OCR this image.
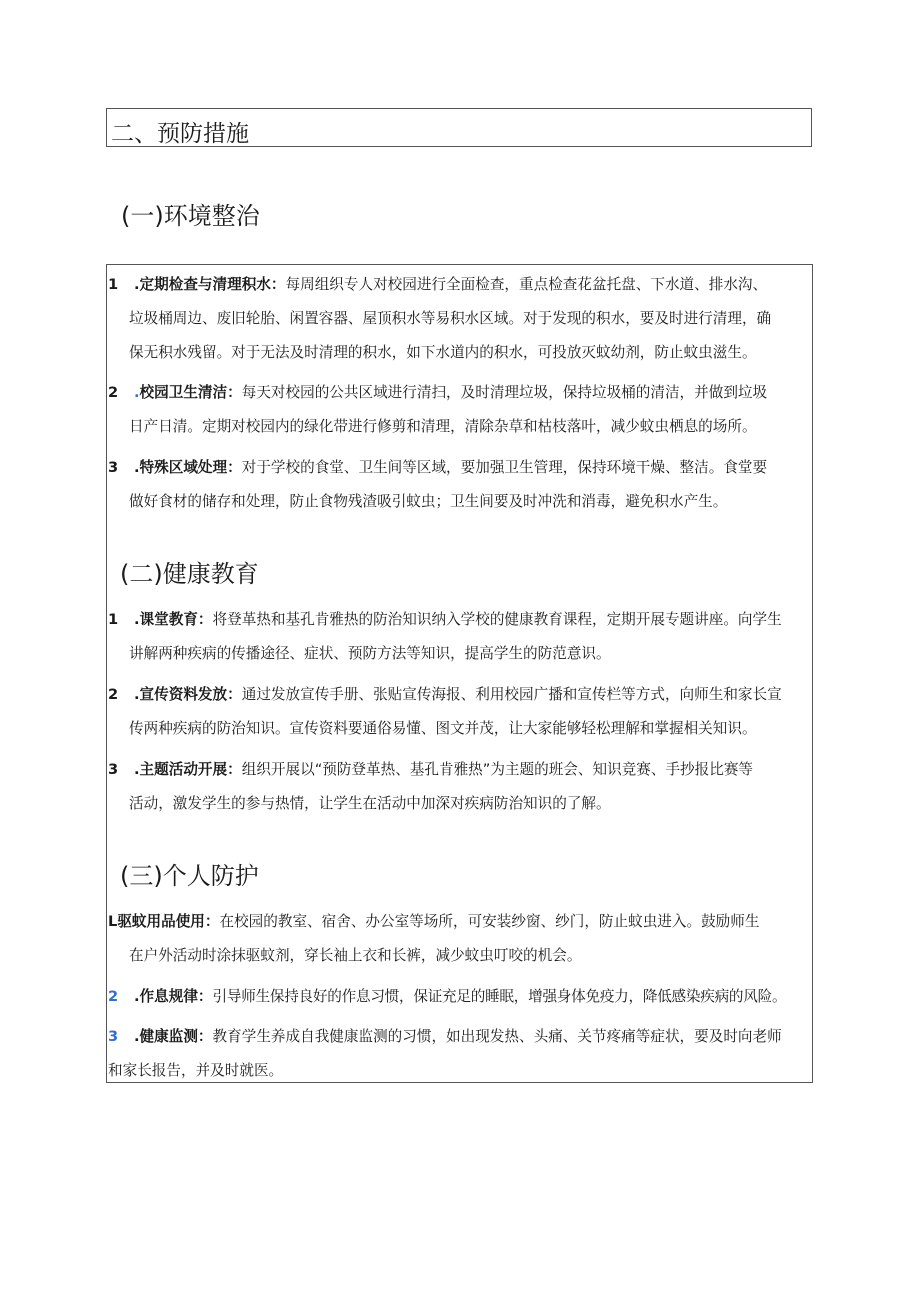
二、预防措施
(一)环境整治
1 .定期检查与清理积水：每周组织专人对校园进行全面检查，重点检查花盆托盘、下水道、排水沟、
垃圾桶周边、废旧轮胎、闲置容器、屋顶积水等易积水区域。对于发现的积水，要及时进行清理，确
保无积水残留。对于无法及时清理的积水，如下水道内的积水，可投放灭蚊幼剂，防止蚊虫滋生。
2 .校园卫生清洁：每天对校园的公共区域进行清扫，及时清理垃圾，保持垃圾桶的清洁，并做到垃圾
日产日清。定期对校园内的绿化带进行修剪和清理，清除杂草和枯枝落叶，减少蚊虫栖息的场所。
3 .特殊区域处理：对于学校的食堂、卫生间等区域，要加强卫生管理，保持环境干燥、整洁。食堂要
做好食材的储存和处理，防止食物残渣吸引蚊虫；卫生间要及时冲洗和消毒，避免积水产生。
(二)健康教育
1 .课堂教育：将登革热和基孔肯雅热的防治知识纳入学校的健康教育课程，定期开展专题讲座。向学生
讲解两种疾病的传播途径、症状、预防方法等知识，提高学生的防范意识。
2 .宣传资料发放：通过发放宣传手册、张贴宣传海报、利用校园广播和宣传栏等方式，向师生和家长宣
传两种疾病的防治知识。宣传资料要通俗易懂、图文并茂，让大家能够轻松理解和掌握相关知识。
3 .主题活动开展：组织开展以“预防登革热、基孔肯雅热”为主题的班会、知识竞赛、手抄报比赛等
活动，激发学生的参与热情，让学生在活动中加深对疾病防治知识的了解。
(三)个人防护
L驱蚊用品使用：在校园的教室、宿舍、办公室等场所，可安装纱窗、纱门，防止蚊虫进入。鼓励师生
在户外活动时涂抹驱蚊剂，穿长袖上衣和长裤，减少蚊虫叮咬的机会。
2 .作息规律：引导师生保持良好的作息习惯，保证充足的睡眠，增强身体免疫力，降低感染疾病的风险。
3 .健康监测：教育学生养成自我健康监测的习惯，如出现发热、头痛、关节疼痛等症状，要及时向老师
和家长报告，并及时就医。
